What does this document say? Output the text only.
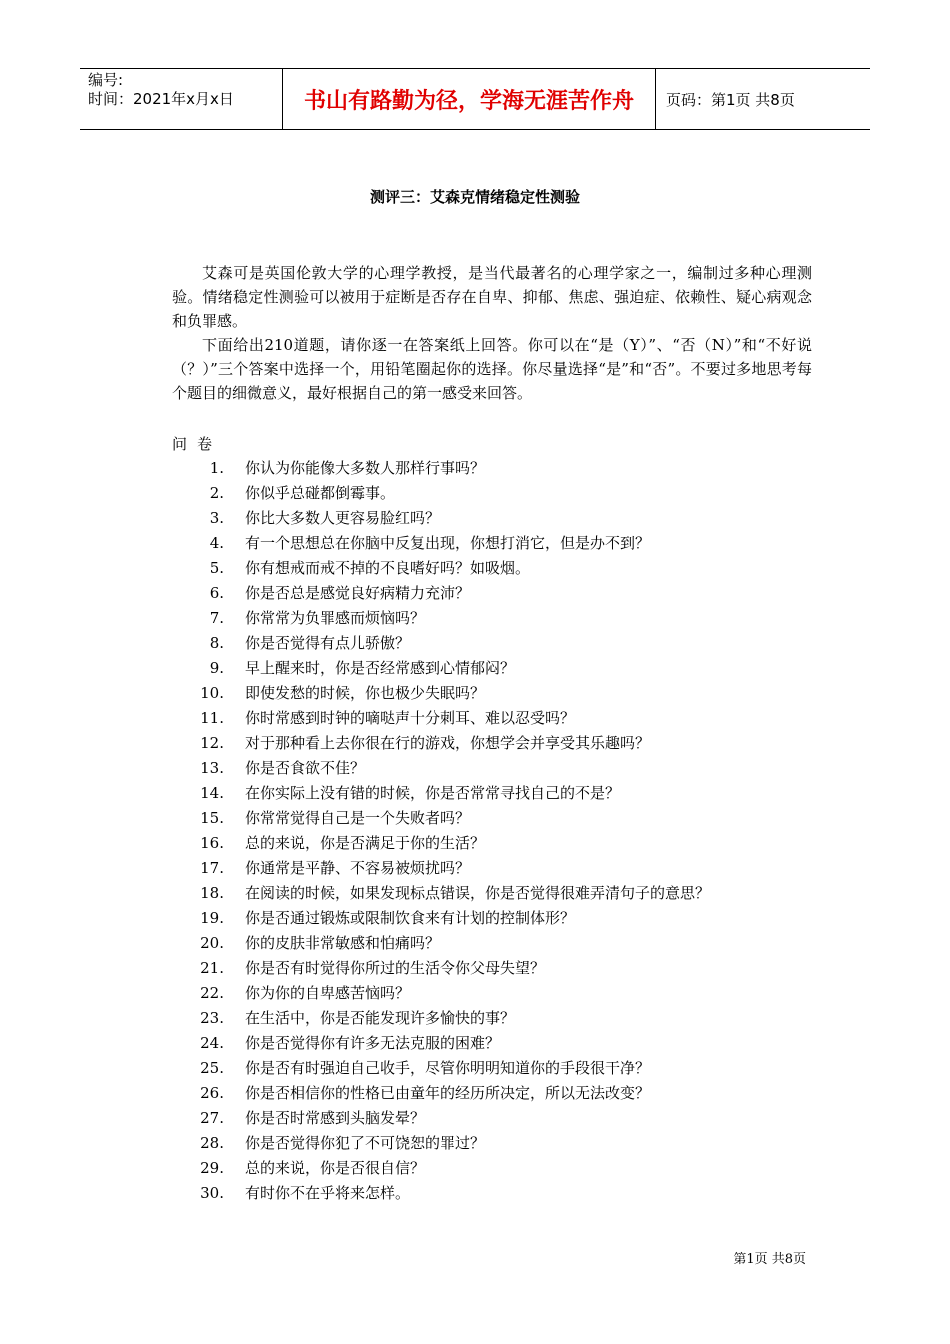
编号:
时间：2021年x月x日	书山有路勤为径，学海无涯苦作舟	页码：第1页 共8页
测评三：艾森克情绪稳定性测验

艾森可是英国伦敦大学的心理学教授，是当代最著名的心理学家之一，编制过多种心理测验。情绪稳定性测验可以被用于症断是否存在自卑、抑郁、焦虑、强迫症、依赖性、疑心病观念和负罪感。

下面给出210道题，请你逐一在答案纸上回答。你可以在“是（Y）”、“否（N）”和“不好说（？）”三个答案中选择一个，用铅笔圈起你的选择。你尽量选择“是”和“否”。不要过多地思考每个题目的细微意义，最好根据自己的第一感受来回答。

问卷
1. 你认为你能像大多数人那样行事吗？
2. 你似乎总碰都倒霉事。
3. 你比大多数人更容易脸红吗？
4. 有一个思想总在你脑中反复出现，你想打消它，但是办不到？
5. 你有想戒而戒不掉的不良嗜好吗？如吸烟。
6. 你是否总是感觉良好病精力充沛？
7. 你常常为负罪感而烦恼吗？
8. 你是否觉得有点儿骄傲？
9. 早上醒来时，你是否经常感到心情郁闷？
10. 即使发愁的时候，你也极少失眠吗？
11. 你时常感到时钟的嘀哒声十分刺耳、难以忍受吗？
12. 对于那种看上去你很在行的游戏，你想学会并享受其乐趣吗？
13. 你是否食欲不佳？
14. 在你实际上没有错的时候，你是否常常寻找自己的不是？
15. 你常常觉得自己是一个失败者吗？
16. 总的来说，你是否满足于你的生活？
17. 你通常是平静、不容易被烦扰吗？
18. 在阅读的时候，如果发现标点错误，你是否觉得很难弄清句子的意思？
19. 你是否通过锻炼或限制饮食来有计划的控制体形？
20. 你的皮肤非常敏感和怕痛吗？
21. 你是否有时觉得你所过的生活令你父母失望？
22. 你为你的自卑感苦恼吗？
23. 在生活中，你是否能发现许多愉快的事？
24. 你是否觉得你有许多无法克服的困难？
25. 你是否有时强迫自己收手，尽管你明明知道你的手段很干净？
26. 你是否相信你的性格已由童年的经历所决定，所以无法改变？
27. 你是否时常感到头脑发晕？
28. 你是否觉得你犯了不可饶恕的罪过？
29. 总的来说，你是否很自信？
30. 有时你不在乎将来怎样。
第1页 共8页
